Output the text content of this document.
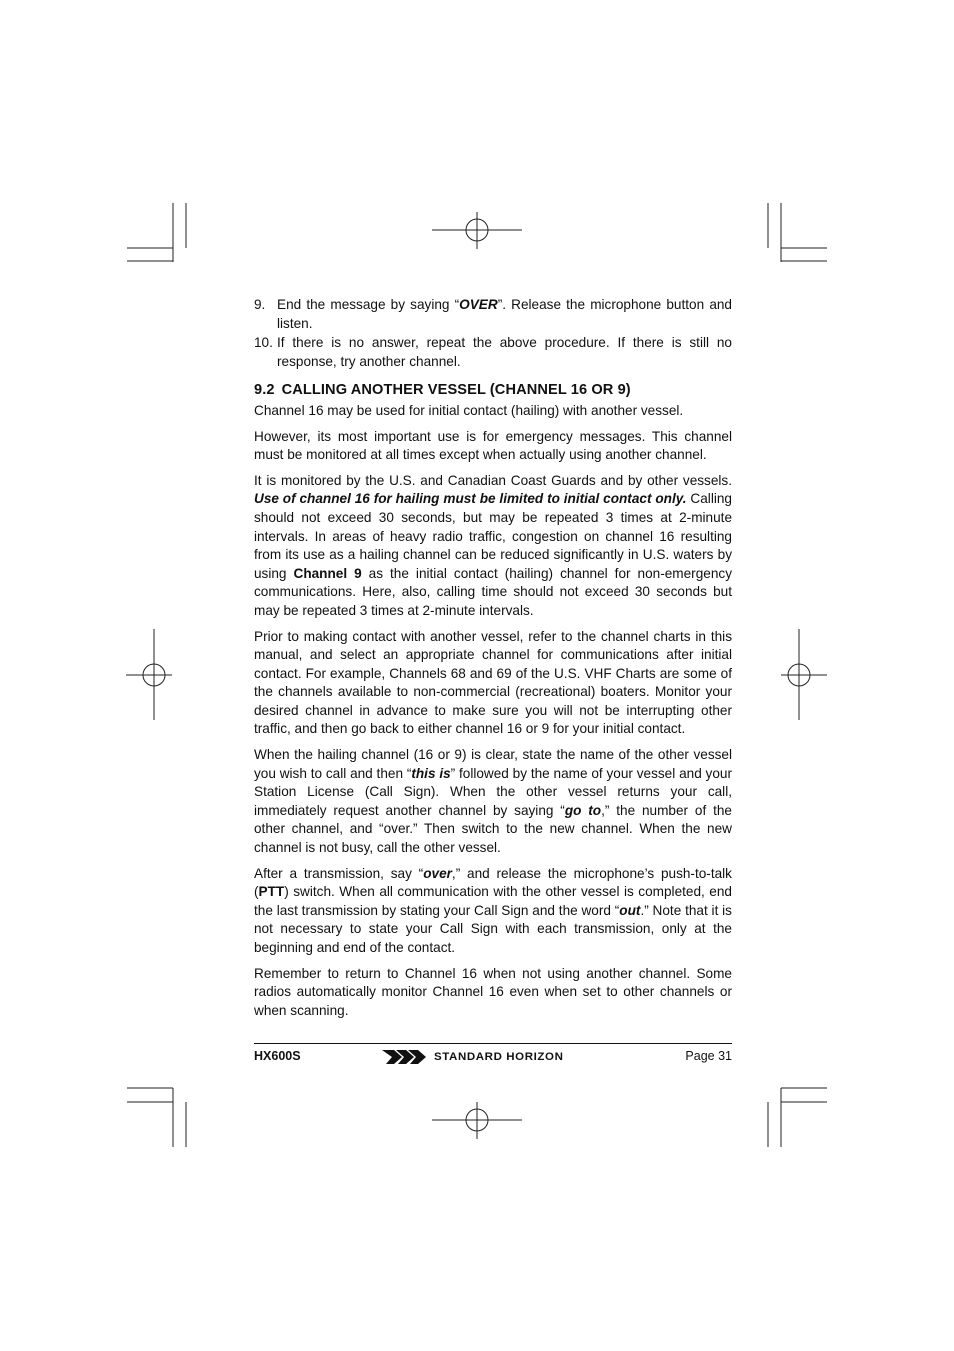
9. End the message by saying “OVER”. Release the microphone button and listen.
10. If there is no answer, repeat the above procedure. If there is still no response, try another channel.
9.2 CALLING ANOTHER VESSEL (CHANNEL 16 OR 9)

Channel 16 may be used for initial contact (hailing) with another vessel.

However, its most important use is for emergency messages. This channel must be monitored at all times except when actually using another channel.

It is monitored by the U.S. and Canadian Coast Guards and by other vessels. Use of channel 16 for hailing must be limited to initial contact only. Calling should not exceed 30 seconds, but may be repeated 3 times at 2-minute intervals. In areas of heavy radio traffic, congestion on channel 16 resulting from its use as a hailing channel can be reduced significantly in U.S. waters by using Channel 9 as the initial contact (hailing) channel for non-emergency communications. Here, also, calling time should not exceed 30 seconds but may be repeated 3 times at 2-minute intervals.

Prior to making contact with another vessel, refer to the channel charts in this manual, and select an appropriate channel for communications after initial contact. For example, Channels 68 and 69 of the U.S. VHF Charts are some of the channels available to non-commercial (recreational) boaters. Monitor your desired channel in advance to make sure you will not be interrupting other traffic, and then go back to either channel 16 or 9 for your initial contact.

When the hailing channel (16 or 9) is clear, state the name of the other vessel you wish to call and then “this is” followed by the name of your vessel and your Station License (Call Sign). When the other vessel returns your call, immediately request another channel by saying “go to,” the number of the other channel, and “over.” Then switch to the new channel. When the new channel is not busy, call the other vessel.

After a transmission, say “over,” and release the microphone’s push-to-talk (PTT) switch. When all communication with the other vessel is completed, end the last transmission by stating your Call Sign and the word “out.” Note that it is not necessary to state your Call Sign with each transmission, only at the beginning and end of the contact.

Remember to return to Channel 16 when not using another channel. Some radios automatically monitor Channel 16 even when set to other channels or when scanning.

HX600S	STANDARD HORIZON	Page 31
